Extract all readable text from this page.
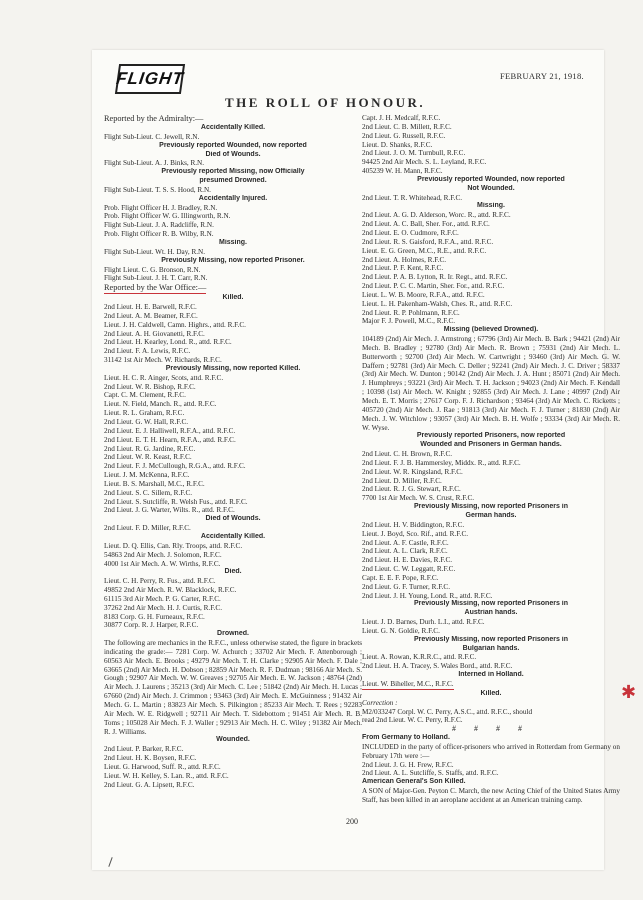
FLIGHT	FEBRUARY 21, 1918.
THE ROLL OF HONOUR.

Reported by the Admiralty:—

Accidentally Killed.

Flight Sub-Lieut. C. Jewell, R.N.

Previously reported Wounded, now reported

Died of Wounds.

Flight Sub-Lieut. A. J. Binks, R.N.

Previously reported Missing, now Officially

presumed Drowned.

Flight Sub-Lieut. T. S. S. Hood, R.N.

Accidentally Injured.

Prob. Flight Officer H. J. Bradley, R.N.

Prob. Flight Officer W. G. Illingworth, R.N.

Flight Sub-Lieut. J. A. Radcliffe, R.N.

Prob. Flight Officer R. B. Wilby, R.N.

Missing.

Flight Sub-Lieut. Wt. H. Day, R.N.

Previously Missing, now reported Prisoner.

Flight Lieut. C. G. Bronson, R.N.

Flight Sub-Lieut. J. H. T. Carr, R.N.

Reported by the War Office:—

Killed.

2nd Lieut. H. E. Barwell, R.F.C.

2nd Lieut. A. M. Beamer, R.F.C.

Lieut. J. H. Caldwell, Camn. Highrs., attd. R.F.C.

2nd Lieut. A. H. Giovanetti, R.F.C.

2nd Lieut. H. Kearley, Lond. R., attd. R.F.C.

2nd Lieut. F. A. Lewis, R.F.C.

31142 1st Air Mech. W. Richards, R.F.C.

Previously Missing, now reported Killed.

Lieut. H. C. R. Ainger, Scots, attd. R.F.C.

2nd Lieut. W. R. Bishop, R.F.C.

Capt. C. M. Clement, R.F.C.

Lieut. N. Field, Manch. R., attd. R.F.C.

Lieut. R. L. Graham, R.F.C.

2nd Lieut. G. W. Hall, R.F.C.

2nd Lieut. E. J. Halliwell, R.F.A., attd. R.F.C.

2nd Lieut. E. T. H. Hearn, R.F.A., attd. R.F.C.

2nd Lieut. R. G. Jardine, R.F.C.

2nd Lieut. W. R. Keast, R.F.C.

2nd Lieut. F. J. McCullough, R.G.A., attd. R.F.C.

Lieut. J. M. McKenna, R.F.C.

Lieut. B. S. Marshall, M.C., R.F.C.

2nd Lieut. S. C. Sillem, R.F.C.

2nd Lieut. S. Sutcliffe, R. Welsh Fus., attd. R.F.C.

2nd Lieut. J. G. Warter, Wilts. R., attd. R.F.C.

Died of Wounds.

2nd Lieut. F. D. Miller, R.F.C.

Accidentally Killed.

Lieut. D. Q. Ellis, Can. Rly. Troops, attd. R.F.C.

54863 2nd Air Mech. J. Solomon, R.F.C.

4000 1st Air Mech. A. W. Wirths, R.F.C.

Died.

Lieut. C. H. Perry, R. Fus., attd. R.F.C.

49852 2nd Air Mech. R. W. Blacklock, R.F.C.

61115 3rd Air Mech. P. G. Carter, R.F.C.

37262 2nd Air Mech. H. J. Curtis, R.F.C.

8183 Corp. G. H. Furneaux, R.F.C.

30877 Corp. R. J. Harper, R.F.C.

Drowned.

The following are mechanics in the R.F.C., unless otherwise stated, the figure in brackets indicating the grade:— 7281 Corp. W. Achurch ; 33702 Air Mech. F. Attenborough ; 60563 Air Mech. E. Brooks ; 49279 Air Mech. T. H. Clarke ; 92905 Air Mech. F. Dale ; 63665 (2nd) Air Mech. H. Dobson ; 82859 Air Mech. R. F. Dudman ; 98166 Air Mech. S. Gough ; 92907 Air Mech. W. W. Greaves ; 92705 Air Mech. E. W. Jackson ; 48764 (2nd) Air Mech. J. Laurens ; 35213 (3rd) Air Mech. C. Lee ; 51842 (2nd) Air Mech. H. Lucas ; 67660 (2nd) Air Mech. J. Crimmon ; 93463 (3rd) Air Mech. E. McGuinness ; 91432 Air Mech. G. L. Martin ; 83823 Air Mech. S. Pilkington ; 85233 Air Mech. T. Rees ; 92283 Air Mech. W. E. Ridgwell ; 92711 Air Mech. T. Sidebottom ; 91451 Air Mech. R. B. Toms ; 105028 Air Mech. F. J. Waller ; 92913 Air Mech. H. C. Wiley ; 91382 Air Mech. R. J. Williams.

Wounded.

2nd Lieut. P. Barker, R.F.C.

2nd Lieut. H. K. Boysen, R.F.C.

Lieut. G. Harwood, Suff. R., attd. R.F.C.

Lieut. W. H. Kelley, S. Lan. R., attd. R.F.C.

2nd Lieut. G. A. Lipsett, R.F.C.

Capt. J. H. Medcalf, R.F.C.

2nd Lieut. C. B. Millett, R.F.C.

2nd Lieut. G. Russell, R.F.C.

Lieut. D. Shanks, R.F.C.

2nd Lieut. J. O. M. Turnbull, R.F.C.

94425 2nd Air Mech. S. L. Leyland, R.F.C.

405239 W. H. Mann, R.F.C.

Previously reported Wounded, now reported

Not Wounded.

2nd Lieut. T. R. Whitehead, R.F.C.

Missing.

2nd Lieut. A. G. D. Alderson, Worc. R., attd. R.F.C.

2nd Lieut. A. C. Ball, Sher. For., attd. R.F.C.

2nd Lieut. E. O. Cudmore, R.F.C.

2nd Lieut. R. S. Gaisford, R.F.A., attd. R.F.C.

Lieut. E. G. Green, M.C., R.E., attd. R.F.C.

2nd Lieut. A. Holmes, R.F.C.

2nd Lieut. P. F. Kent, R.F.C.

2nd Lieut. P. A. B. Lytton, R. Ir. Regt., attd. R.F.C.

2nd Lieut. P. C. C. Martin, Sher. For., attd. R.F.C.

Lieut. L. W. B. Moore, R.F.A., attd. R.F.C.

Lieut. L. H. Pakenham-Walsh, Ches. R., attd. R.F.C.

2nd Lieut. R. P. Pohlmann, R.F.C.

Major F. J. Powell, M.C., R.F.C.

Missing (believed Drowned).

104189 (2nd) Air Mech. J. Armstrong ; 67796 (3rd) Air Mech. B. Bark ; 94421 (2nd) Air Mech. B. Bradley ; 92780 (3rd) Air Mech. R. Brown ; 75931 (2nd) Air Mech. L. Butterworth ; 92700 (3rd) Air Mech. W. Cartwright ; 93460 (3rd) Air Mech. G. W. Daffern ; 92781 (3rd) Air Mech. C. Deller ; 92241 (2nd) Air Mech. J. C. Driver ; 58337 (3rd) Air Mech. W. Dunton ; 90142 (2nd) Air Mech. J. A. Hunt ; 85071 (2nd) Air Mech. J. Humphreys ; 93221 (3rd) Air Mech. T. H. Jackson ; 94023 (2nd) Air Mech. F. Kendall ; 10398 (1st) Air Mech. W. Knight ; 92855 (3rd) Air Mech. J. Lane ; 40997 (2nd) Air Mech. E. T. Morris ; 27617 Corp. F. J. Richardson ; 93464 (3rd) Air Mech. C. Ricketts ; 405720 (2nd) Air Mech. J. Rae ; 91813 (3rd) Air Mech. F. J. Turner ; 81830 (2nd) Air Mech. J. W. Witchlow ; 93057 (3rd) Air Mech. B. H. Wolfe ; 93334 (3rd) Air Mech. R. W. Wyse.

Previously reported Prisoners, now reported

Wounded and Prisoners in German hands.

2nd Lieut. C. H. Brown, R.F.C.

2nd Lieut. F. J. B. Hammersley, Middx. R., attd. R.F.C.

2nd Lieut. W. R. Kingsland, R.F.C.

2nd Lieut. D. Miller, R.F.C.

2nd Lieut. R. J. G. Stewart, R.F.C.

7700 1st Air Mech. W. S. Crust, R.F.C.

Previously Missing, now reported Prisoners in

German hands.

2nd Lieut. H. V. Biddington, R.F.C.

Lieut. J. Boyd, Sco. Rif., attd. R.F.C.

2nd Lieut. A. F. Castle, R.F.C.

2nd Lieut. A. L. Clark, R.F.C.

2nd Lieut. H. E. Davies, R.F.C.

2nd Lieut. C. W. Leggatt, R.F.C.

Capt. E. E. F. Pope, R.F.C.

2nd Lieut. G. F. Turner, R.F.C.

2nd Lieut. J. H. Young, Lond. R., attd. R.F.C.

Previously Missing, now reported Prisoners in

Austrian hands.

Lieut. J. D. Barnes, Durh. L.I., attd. R.F.C.

Lieut. G. N. Goldie, R.F.C.

Previously Missing, now reported Prisoners in

Bulgarian hands.

Lieut. A. Rowan, K.R.R.C., attd. R.F.C.

2nd Lieut. H. A. Tracey, S. Wales Bord., attd. R.F.C.

Interned in Holland.

Lieut. W. Biheller, M.C., R.F.C.

Killed.

Correction :

M2/033247 Corpl. W. C. Perry, A.S.C., attd. R.F.C., should

read 2nd Lieut. W. C. Perry, R.F.C.

# # # #

From Germany to Holland.

INCLUDED in the party of officer-prisoners who arrived in Rotterdam from Germany on February 17th were :—

2nd Lieut. J. G. H. Frew, R.F.C.

2nd Lieut. A. L. Sutcliffe, S. Staffs, attd. R.F.C.

American General's Son Killed.

A SON of Major-Gen. Peyton C. March, the new Acting Chief of the United States Army Staff, has been killed in an aeroplane accident at an American training camp.

200
✱
